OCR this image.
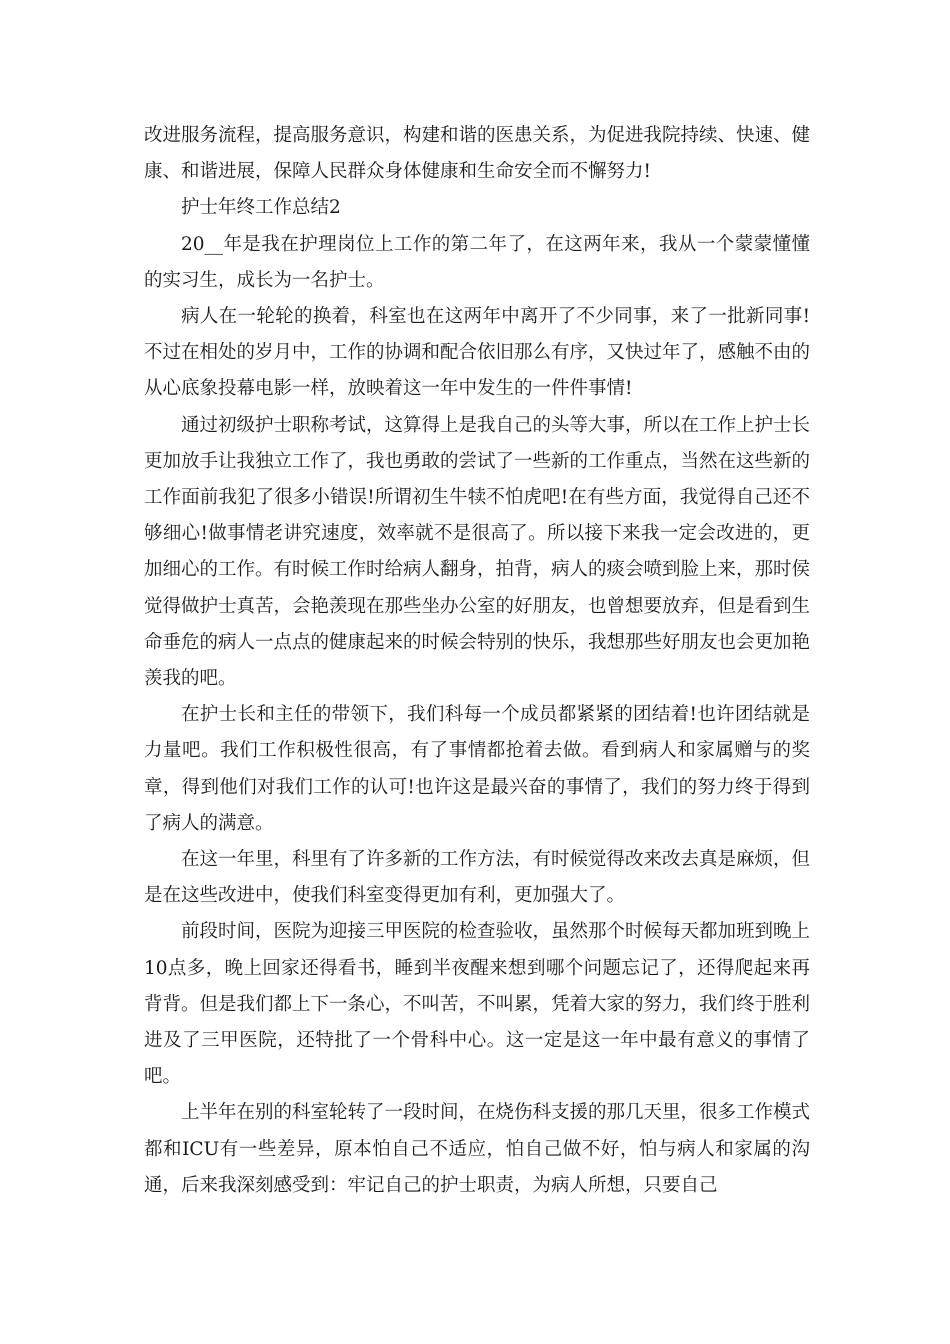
改进服务流程，提高服务意识，构建和谐的医患关系，为促进我院持续、快速、健康、和谐进展，保障人民群众身体健康和生命安全而不懈努力!

护士年终工作总结2

20__年是我在护理岗位上工作的第二年了，在这两年来，我从一个蒙蒙懂懂的实习生，成长为一名护士。

病人在一轮轮的换着，科室也在这两年中离开了不少同事，来了一批新同事!不过在相处的岁月中，工作的协调和配合依旧那么有序，又快过年了，感触不由的从心底象投幕电影一样，放映着这一年中发生的一件件事情!

通过初级护士职称考试，这算得上是我自己的头等大事，所以在工作上护士长更加放手让我独立工作了，我也勇敢的尝试了一些新的工作重点，当然在这些新的工作面前我犯了很多小错误!所谓初生牛犊不怕虎吧!在有些方面，我觉得自己还不够细心!做事情老讲究速度，效率就不是很高了。所以接下来我一定会改进的，更加细心的工作。有时候工作时给病人翻身，拍背，病人的痰会喷到脸上来，那时侯觉得做护士真苦，会艳羡现在那些坐办公室的好朋友，也曾想要放弃，但是看到生命垂危的病人一点点的健康起来的时候会特别的快乐，我想那些好朋友也会更加艳羡我的吧。

在护士长和主任的带领下，我们科每一个成员都紧紧的团结着!也许团结就是力量吧。我们工作积极性很高，有了事情都抢着去做。看到病人和家属赠与的奖章，得到他们对我们工作的认可!也许这是最兴奋的事情了，我们的努力终于得到了病人的满意。

在这一年里，科里有了许多新的工作方法，有时候觉得改来改去真是麻烦，但是在这些改进中，使我们科室变得更加有利，更加强大了。

前段时间，医院为迎接三甲医院的检查验收，虽然那个时候每天都加班到晚上10点多，晚上回家还得看书，睡到半夜醒来想到哪个问题忘记了，还得爬起来再背背。但是我们都上下一条心，不叫苦，不叫累，凭着大家的努力，我们终于胜利进及了三甲医院，还特批了一个骨科中心。这一定是这一年中最有意义的事情了吧。

上半年在别的科室轮转了一段时间，在烧伤科支援的那几天里，很多工作模式都和ICU有一些差异，原本怕自己不适应，怕自己做不好，怕与病人和家属的沟通，后来我深刻感受到：牢记自己的护士职责，为病人所想，只要自己
